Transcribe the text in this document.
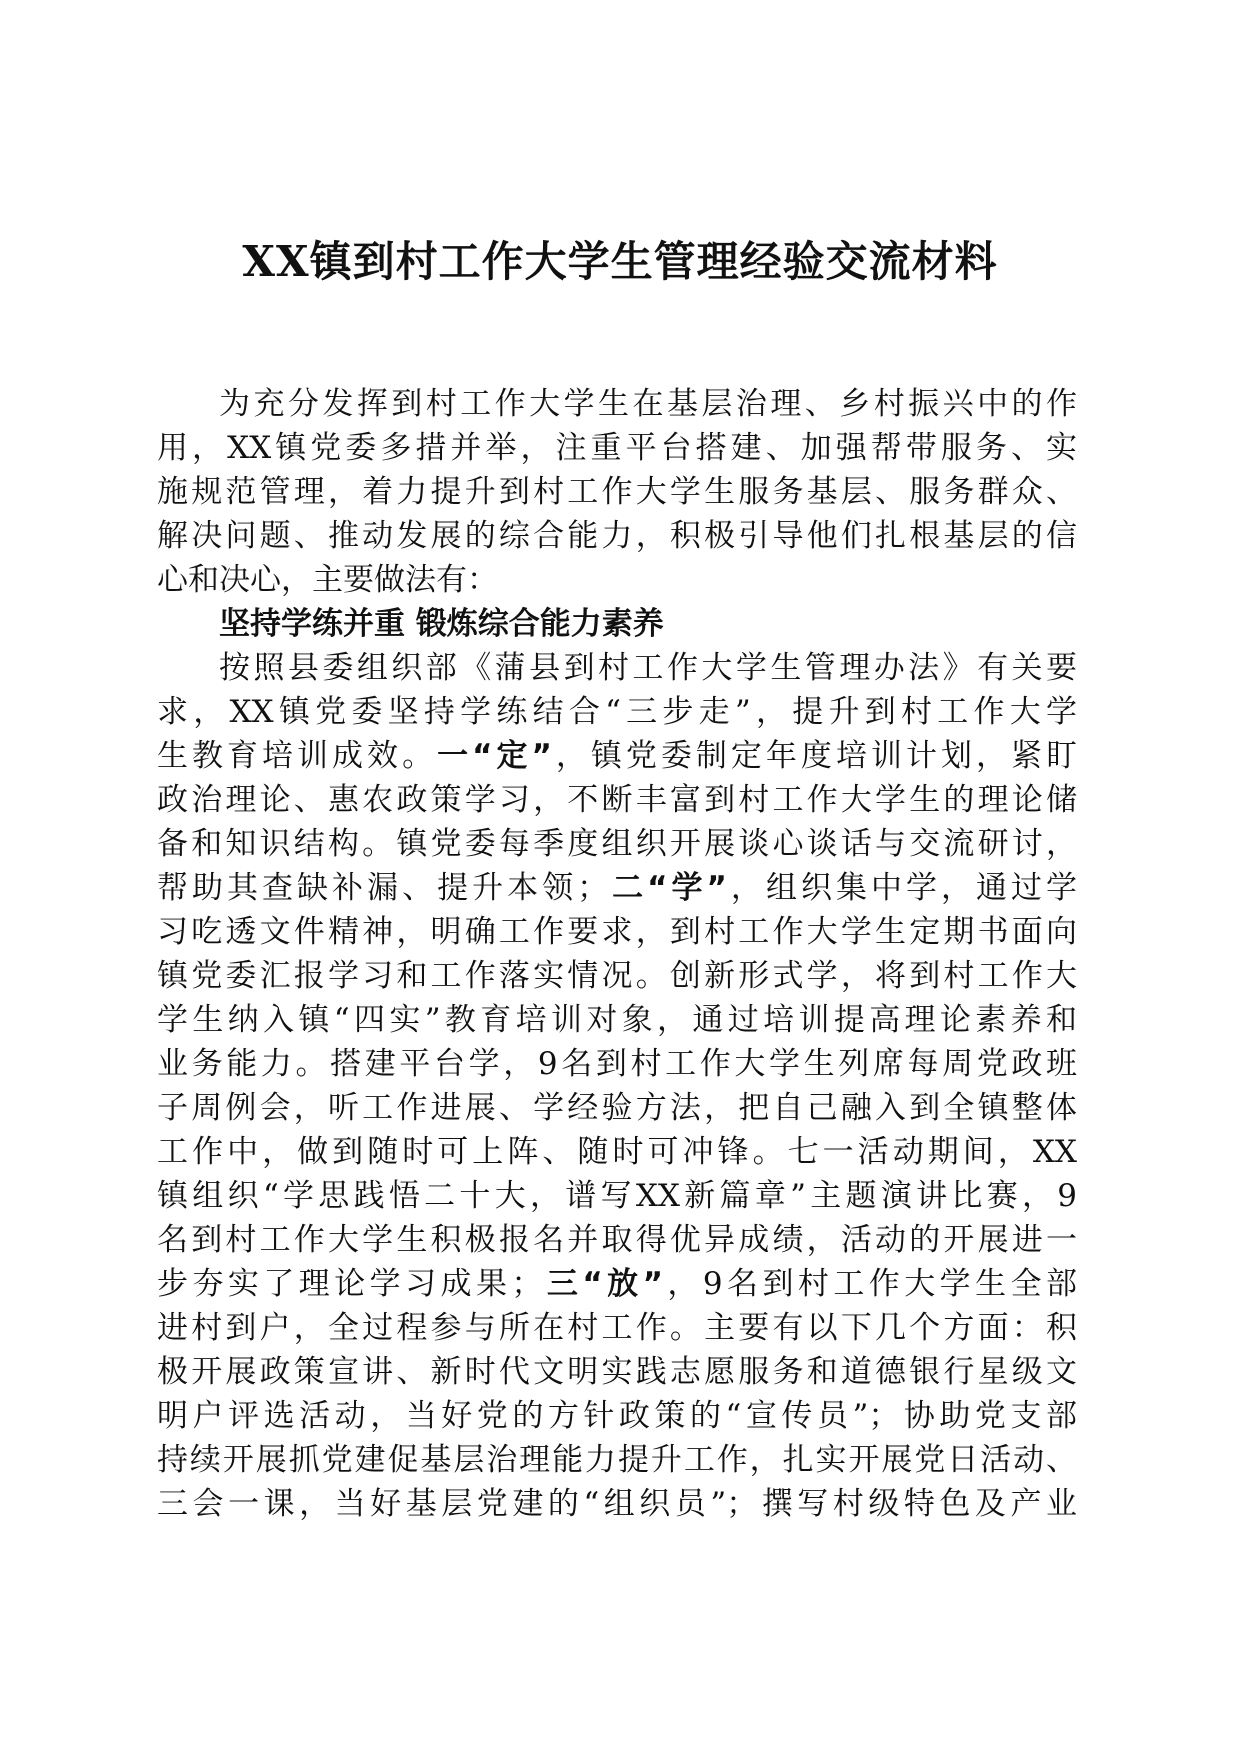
XX镇到村工作大学生管理经验交流材料
为充分发挥到村工作大学生在基层治理、乡村振兴中的作
用，XX镇党委多措并举，注重平台搭建、加强帮带服务、实
施规范管理，着力提升到村工作大学生服务基层、服务群众、
解决问题、推动发展的综合能力，积极引导他们扎根基层的信
心和决心，主要做法有：
坚持学练并重 锻炼综合能力素养
按照县委组织部《蒲县到村工作大学生管理办法》有关要
求，XX镇党委坚持学练结合“三步走”，提升到村工作大学
生教育培训成效。一“定”，镇党委制定年度培训计划，紧盯
政治理论、惠农政策学习，不断丰富到村工作大学生的理论储
备和知识结构。镇党委每季度组织开展谈心谈话与交流研讨，
帮助其查缺补漏、提升本领；二“学”，组织集中学，通过学
习吃透文件精神，明确工作要求，到村工作大学生定期书面向
镇党委汇报学习和工作落实情况。创新形式学，将到村工作大
学生纳入镇“四实”教育培训对象，通过培训提高理论素养和
业务能力。搭建平台学，9名到村工作大学生列席每周党政班
子周例会，听工作进展、学经验方法，把自己融入到全镇整体
工作中，做到随时可上阵、随时可冲锋。七一活动期间，XX
镇组织“学思践悟二十大，谱写XX新篇章”主题演讲比赛，9
名到村工作大学生积极报名并取得优异成绩，活动的开展进一
步夯实了理论学习成果；三“放”，9名到村工作大学生全部
进村到户，全过程参与所在村工作。主要有以下几个方面：积
极开展政策宣讲、新时代文明实践志愿服务和道德银行星级文
明户评选活动，当好党的方针政策的“宣传员”；协助党支部
持续开展抓党建促基层治理能力提升工作，扎实开展党日活动、
三会一课，当好基层党建的“组织员”；撰写村级特色及产业
